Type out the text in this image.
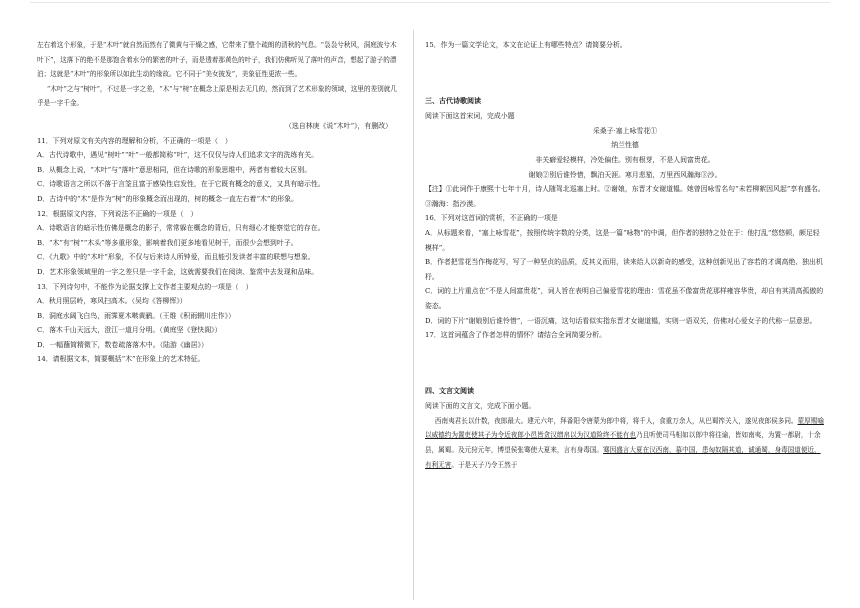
左右着这个形象，于是“木叶”就自然而然有了微黄与干燥之感，它带来了整个疏朗的清秋的气息。“袅袅兮秋风，洞庭波兮木叶下”，这落下的绝不是那饱含着水分的繁密的叶子，而是透着那黄色的叶子，我们仿佛听见了落叶的声音，想起了游子的漂泊；这就是“木叶”的形象所以如此生动的缘故。它不同于“美女披发”，美象征性更浓一些。

“木叶”之与“树叶”，不过是一字之差，“木”与“树”在概念上原是相去无几的，然而到了艺术形象的领域，这里的差别就几乎是一字千金。

（选自林庚《说“木叶”》，有删改）

11．下列对原文有关内容的理解和分析，不正确的一项是（　）

A．古代诗歌中，遇见“树叶”“叶”一般都简称“叶”，这不仅仅与诗人们追求文字的洗练有关。

B．从概念上说，“木叶”与“落叶”意思相同，但在诗歌的形象思维中，两者有着较大区别。

C．诗歌语言之所以不落于言筌且富于感染性启发性，在于它既有概念的意义，又具有暗示性。

D．古诗中的“木”是作为“树”的形象概念而出现的，树的概念一直左右着“木”的形象。

12．根据原文内容，下列说法不正确的一项是（　）

A．诗歌语言的暗示性仿佛是概念的影子，常常躲在概念的背后，只有细心才能察觉它的存在。

B．“木”有“树”“木头”等多重形象，影响着我们更多地看见树干，而很少会想到叶子。

C．《九歌》中的“木叶”形象，不仅与后来诗人所钟爱，而且能引发读者丰富的联想与想象。

D．艺术形象领域里的一字之差只是一字千金，这就需要我们在阅读、鉴赏中去发现和品味。

13．下列诗句中，不能作为论据支撑上文作者主要观点的一项是（　）

A．秋月照层岭，寒风扫高木。（吴均《答柳恽》）

B．洞庭水阔飞白鸟，雨霁夏木啭黄鹂。（王维《积雨辋川庄作》）

C．落木千山天远大，澄江一道月分明。（黄庭坚《登快阁》）

D．一幅蘸简精微下，数卷疏落落木中。（陆游《幽居》）

14．请根据文本，简要概括“木”在形象上的艺术特征。

15．作为一篇文学论文，本文在论证上有哪些特点？请简要分析。

三、古代诗歌阅读

阅读下面这首宋词，完成小题

采桑子·塞上咏雪花①

纳兰性德

非关癖爱轻模样，冷处偏佳。别有根芽，不是人间富贵花。

谢娘②别后谁怜惜，飘泊天涯。寒月悲笳，万里西风瀚海③沙。

【注】①此词作于康熙十七年十月，诗人随驾北巡塞上时。②谢娘，东晋才女谢道韫。她曾因咏雪名句“未若柳絮因风起”享有盛名。③瀚海：指沙漠。

16．下列对这首词的赏析，不正确的一项是

A．从标题来看，“塞上咏雪花”，按照传统字数的分类，这是一篇“咏物”的中调，但作者的独特之处在于：他打乱“悠悠顿，颇足轻模样”。

B．作者把雪花当作梅花写，写了一种坚贞的品质，反其义而用，读来给人以新奇的感受，这种创新见出了容若的才调高绝、独出机杼。

C．词的上片重点在“不是人间富贵花”，词人旨在表明自己偏爱雪花的理由：雪花虽不像富贵花那样雍容华贵，却自有其清高孤傲的姿态。

D．词的下片“谢娘别后谁怜惜”，一语沉痛，这句话看似实指东晋才女谢道韫，实则一语双关，仿佛对心爱女子的代称一层意思。

17．这首词蕴含了作者怎样的情怀？请结合全词简要分析。

四、文言文阅读

阅读下面的文言文，完成下面小题。

西南夷君长以什数，夜郎最大。建元六年，拜番阳令唐蒙为郎中将，将千人，食重万余人，从巴蜀筰关入，遂见夜郎侯多同。蒙厚赐喻以威德约为置吏使其子为令近夜郎小邑皆贪汉缯帛以为汉道险终不能有也乃且听使司马相如以郎中将往谕，皆如南夷，为置一都尉，十余县，属蜀。及元狩元年，博望侯张骞使大夏来，言有身毒国。骞因盛言大夏在汉西南，慕中国，患匈奴隔其道，诚通蜀，身毒国道便近，有利无害。于是天子乃令王然于
